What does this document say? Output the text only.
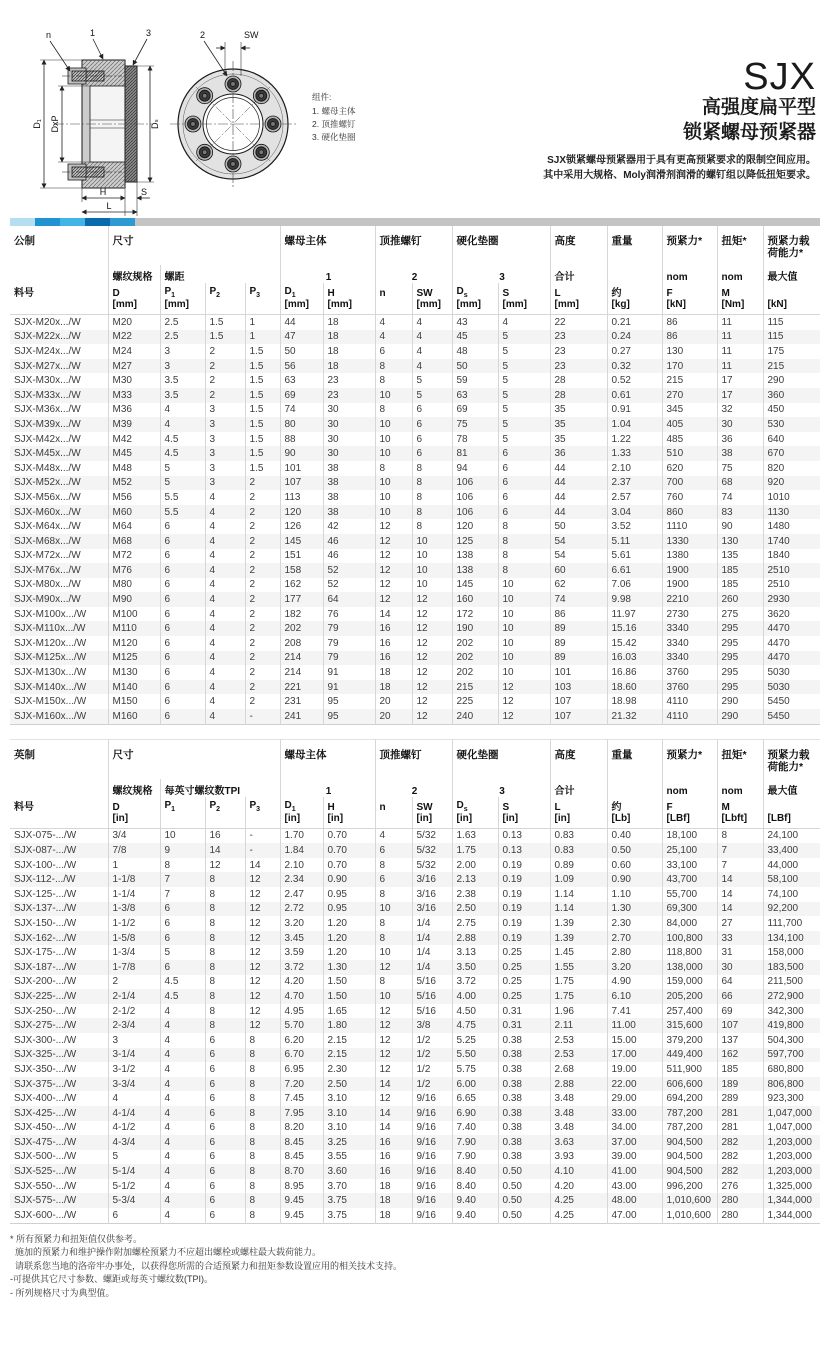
D₁ DxP	Dₛ
H	S
L
n	1	3	2	SW
组件:
1. 螺母主体
2. 顶推螺钉
3. 硬化垫圈
SJX
高强度扁平型
锁紧螺母预紧器
SJX锁紧螺母预紧器用于具有更高预紧要求的限制空间应用。
其中采用大规格、Moly润滑剂润滑的螺钉组以降低扭矩要求。
公制	尺寸				螺母主体		顶推螺钉		硬化垫圈		高度	重量	预紧力*	扭矩*	预紧力载荷能力*
	螺纹规格	螺距			1		2		3		合计		nom	nom	最大值
料号	D	$P_1$	$P_2$	$P_3$	$D_1$	H	n	SW	$D_s$	S	L	约	F	M	
	[mm]	[mm]			[mm]	[mm]		[mm]	[mm]	[mm]	[mm]	[kg]	[kN]	[Nm]	[kN]
SJX-M20x.../W	M20	2.5	1.5	1	44	18	4	4	43	4	22	0.21	86	11	115
SJX-M22x.../W	M22	2.5	1.5	1	47	18	4	4	45	5	23	0.24	86	11	115
SJX-M24x.../W	M24	3	2	1.5	50	18	6	4	48	5	23	0.27	130	11	175
SJX-M27x.../W	M27	3	2	1.5	56	18	8	4	50	5	23	0.32	170	11	215
SJX-M30x.../W	M30	3.5	2	1.5	63	23	8	5	59	5	28	0.52	215	17	290
SJX-M33x.../W	M33	3.5	2	1.5	69	23	10	5	63	5	28	0.61	270	17	360
SJX-M36x.../W	M36	4	3	1.5	74	30	8	6	69	5	35	0.91	345	32	450
SJX-M39x.../W	M39	4	3	1.5	80	30	10	6	75	5	35	1.04	405	30	530
SJX-M42x.../W	M42	4.5	3	1.5	88	30	10	6	78	5	35	1.22	485	36	640
SJX-M45x.../W	M45	4.5	3	1.5	90	30	10	6	81	6	36	1.33	510	38	670
SJX-M48x.../W	M48	5	3	1.5	101	38	8	8	94	6	44	2.10	620	75	820
SJX-M52x.../W	M52	5	3	2	107	38	10	8	106	6	44	2.37	700	68	920
SJX-M56x.../W	M56	5.5	4	2	113	38	10	8	106	6	44	2.57	760	74	1010
SJX-M60x.../W	M60	5.5	4	2	120	38	10	8	106	6	44	3.04	860	83	1130
SJX-M64x.../W	M64	6	4	2	126	42	12	8	120	8	50	3.52	1110	90	1480
SJX-M68x.../W	M68	6	4	2	145	46	12	10	125	8	54	5.11	1330	130	1740
SJX-M72x.../W	M72	6	4	2	151	46	12	10	138	8	54	5.61	1380	135	1840
SJX-M76x.../W	M76	6	4	2	158	52	12	10	138	8	60	6.61	1900	185	2510
SJX-M80x.../W	M80	6	4	2	162	52	12	10	145	10	62	7.06	1900	185	2510
SJX-M90x.../W	M90	6	4	2	177	64	12	12	160	10	74	9.98	2210	260	2930
SJX-M100x.../W	M100	6	4	2	182	76	14	12	172	10	86	11.97	2730	275	3620
SJX-M110x.../W	M110	6	4	2	202	79	16	12	190	10	89	15.16	3340	295	4470
SJX-M120x.../W	M120	6	4	2	208	79	16	12	202	10	89	15.42	3340	295	4470
SJX-M125x.../W	M125	6	4	2	214	79	16	12	202	10	89	16.03	3340	295	4470
SJX-M130x.../W	M130	6	4	2	214	91	18	12	202	10	101	16.86	3760	295	5030
SJX-M140x.../W	M140	6	4	2	221	91	18	12	215	12	103	18.60	3760	295	5030
SJX-M150x.../W	M150	6	4	2	231	95	20	12	225	12	107	18.98	4110	290	5450
SJX-M160x.../W	M160	6	4	-	241	95	20	12	240	12	107	21.32	4110	290	5450
英制	尺寸				螺母主体		顶推螺钉		硬化垫圈		高度	重量	预紧力*	扭矩*	预紧力载荷能力*
	螺纹规格	每英寸螺纹数TPI			1		2		3		合计		nom	nom	最大值
料号	D	$P_1$	$P_2$	$P_3$	$D_1$	H	n	SW	$D_s$	S	L	约	F	M	
	[in]				[in]	[in]		[in]	[in]	[in]	[in]	[Lb]	[LBf]	[Lbft]	[LBf]
SJX-075-.../W	3/4	10	16	-	1.70	0.70	4	5/32	1.63	0.13	0.83	0.40	18,100	8	24,100
SJX-087-.../W	7/8	9	14	-	1.84	0.70	6	5/32	1.75	0.13	0.83	0.50	25,100	7	33,400
SJX-100-.../W	1	8	12	14	2.10	0.70	8	5/32	2.00	0.19	0.89	0.60	33,100	7	44,000
SJX-112-.../W	1-1/8	7	8	12	2.34	0.90	6	3/16	2.13	0.19	1.09	0.90	43,700	14	58,100
SJX-125-.../W	1-1/4	7	8	12	2.47	0.95	8	3/16	2.38	0.19	1.14	1.10	55,700	14	74,100
SJX-137-.../W	1-3/8	6	8	12	2.72	0.95	10	3/16	2.50	0.19	1.14	1.30	69,300	14	92,200
SJX-150-.../W	1-1/2	6	8	12	3.20	1.20	8	1/4	2.75	0.19	1.39	2.30	84,000	27	111,700
SJX-162-.../W	1-5/8	6	8	12	3.45	1.20	8	1/4	2.88	0.19	1.39	2.70	100,800	33	134,100
SJX-175-.../W	1-3/4	5	8	12	3.59	1.20	10	1/4	3.13	0.25	1.45	2.80	118,800	31	158,000
SJX-187-.../W	1-7/8	6	8	12	3.72	1.30	12	1/4	3.50	0.25	1.55	3.20	138,000	30	183,500
SJX-200-.../W	2	4.5	8	12	4.20	1.50	8	5/16	3.72	0.25	1.75	4.90	159,000	64	211,500
SJX-225-.../W	2-1/4	4.5	8	12	4.70	1.50	10	5/16	4.00	0.25	1.75	6.10	205,200	66	272,900
SJX-250-.../W	2-1/2	4	8	12	4.95	1.65	12	5/16	4.50	0.31	1.96	7.41	257,400	69	342,300
SJX-275-.../W	2-3/4	4	8	12	5.70	1.80	12	3/8	4.75	0.31	2.11	11.00	315,600	107	419,800
SJX-300-.../W	3	4	6	8	6.20	2.15	12	1/2	5.25	0.38	2.53	15.00	379,200	137	504,300
SJX-325-.../W	3-1/4	4	6	8	6.70	2.15	12	1/2	5.50	0.38	2.53	17.00	449,400	162	597,700
SJX-350-.../W	3-1/2	4	6	8	6.95	2.30	12	1/2	5.75	0.38	2.68	19.00	511,900	185	680,800
SJX-375-.../W	3-3/4	4	6	8	7.20	2.50	14	1/2	6.00	0.38	2.88	22.00	606,600	189	806,800
SJX-400-.../W	4	4	6	8	7.45	3.10	12	9/16	6.65	0.38	3.48	29.00	694,200	289	923,300
SJX-425-.../W	4-1/4	4	6	8	7.95	3.10	14	9/16	6.90	0.38	3.48	33.00	787,200	281	1,047,000
SJX-450-.../W	4-1/2	4	6	8	8.20	3.10	14	9/16	7.40	0.38	3.48	34.00	787,200	281	1,047,000
SJX-475-.../W	4-3/4	4	6	8	8.45	3.25	16	9/16	7.90	0.38	3.63	37.00	904,500	282	1,203,000
SJX-500-.../W	5	4	6	8	8.45	3.55	16	9/16	7.90	0.38	3.93	39.00	904,500	282	1,203,000
SJX-525-.../W	5-1/4	4	6	8	8.70	3.60	16	9/16	8.40	0.50	4.10	41.00	904,500	282	1,203,000
SJX-550-.../W	5-1/2	4	6	8	8.95	3.70	18	9/16	8.40	0.50	4.20	43.00	996,200	276	1,325,000
SJX-575-.../W	5-3/4	4	6	8	9.45	3.75	18	9/16	9.40	0.50	4.25	48.00	1,010,600	280	1,344,000
SJX-600-.../W	6	4	6	8	9.45	3.75	18	9/16	9.40	0.50	4.25	47.00	1,010,600	280	1,344,000
* 所有预紧力和扭矩值仅供参考。
施加的预紧力和维护操作附加螺栓预紧力不应超出螺栓或螺柱最大载荷能力。
请联系您当地的洛帝牢办事处，以获得您所需的合适预紧力和扭矩参数设置应用的相关技术支持。
-可提供其它尺寸参数、螺距或每英寸螺纹数(TPI)。
- 所列规格尺寸为典型值。
